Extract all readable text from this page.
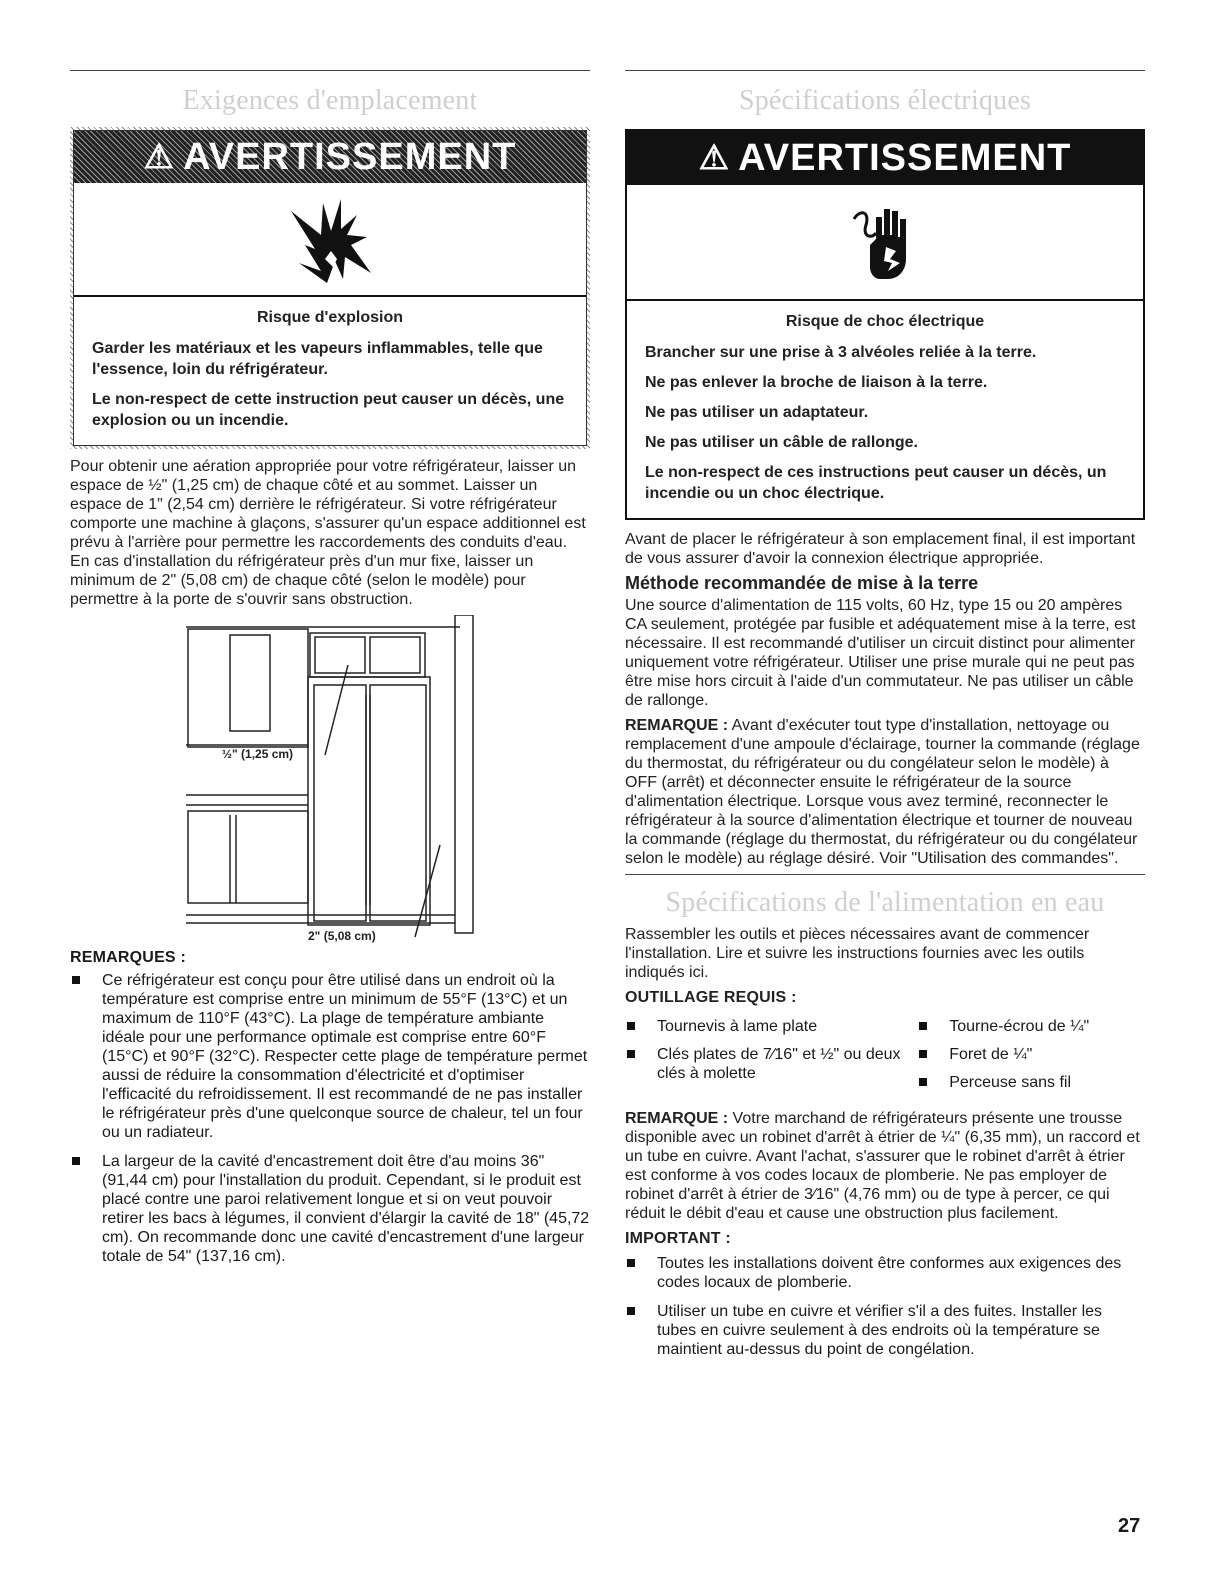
Exigences d'emplacement
⚠ AVERTISSEMENT
Risque d'explosion

Garder les matériaux et les vapeurs inflammables, telle que l'essence, loin du réfrigérateur.

Le non-respect de cette instruction peut causer un décès, une explosion ou un incendie.

Pour obtenir une aération appropriée pour votre réfrigérateur, laisser un espace de ½" (1,25 cm) de chaque côté et au sommet. Laisser un espace de 1" (2,54 cm) derrière le réfrigérateur. Si votre réfrigérateur comporte une machine à glaçons, s'assurer qu'un espace additionnel est prévu à l'arrière pour permettre les raccordements des conduits d'eau. En cas d'installation du réfrigérateur près d'un mur fixe, laisser un minimum de 2" (5,08 cm) de chaque côté (selon le modèle) pour permettre à la porte de s'ouvrir sans obstruction.

½" (1,25 cm)
2" (5,08 cm)
REMARQUES :
Ce réfrigérateur est conçu pour être utilisé dans un endroit où la température est comprise entre un minimum de 55°F (13°C) et un maximum de 110°F (43°C). La plage de température ambiante idéale pour une performance optimale est comprise entre 60°F (15°C) et 90°F (32°C). Respecter cette plage de température permet aussi de réduire la consommation d'électricité et d'optimiser l'efficacité du refroidissement. Il est recommandé de ne pas installer le réfrigérateur près d'une quelconque source de chaleur, tel un four ou un radiateur.
La largeur de la cavité d'encastrement doit être d'au moins 36" (91,44 cm) pour l'installation du produit. Cependant, si le produit est placé contre une paroi relativement longue et si on veut pouvoir retirer les bacs à légumes, il convient d'élargir la cavité de 18" (45,72 cm). On recommande donc une cavité d'encastrement d'une largeur totale de 54" (137,16 cm).
Spécifications électriques
⚠ AVERTISSEMENT
Risque de choc électrique

Brancher sur une prise à 3 alvéoles reliée à la terre.

Ne pas enlever la broche de liaison à la terre.

Ne pas utiliser un adaptateur.

Ne pas utiliser un câble de rallonge.

Le non-respect de ces instructions peut causer un décès, un incendie ou un choc électrique.

Avant de placer le réfrigérateur à son emplacement final, il est important de vous assurer d'avoir la connexion électrique appropriée.

Méthode recommandée de mise à la terre

Une source d'alimentation de 115 volts, 60 Hz, type 15 ou 20 ampères CA seulement, protégée par fusible et adéquatement mise à la terre, est nécessaire. Il est recommandé d'utiliser un circuit distinct pour alimenter uniquement votre réfrigérateur. Utiliser une prise murale qui ne peut pas être mise hors circuit à l'aide d'un commutateur. Ne pas utiliser un câble de rallonge.

REMARQUE : Avant d'exécuter tout type d'installation, nettoyage ou remplacement d'une ampoule d'éclairage, tourner la commande (réglage du thermostat, du réfrigérateur ou du congélateur selon le modèle) à OFF (arrêt) et déconnecter ensuite le réfrigérateur de la source d'alimentation électrique. Lorsque vous avez terminé, reconnecter le réfrigérateur à la source d'alimentation électrique et tourner de nouveau la commande (réglage du thermostat, du réfrigérateur ou du congélateur selon le modèle) au réglage désiré. Voir "Utilisation des commandes".

Spécifications de l'alimentation en eau

Rassembler les outils et pièces nécessaires avant de commencer l'installation. Lire et suivre les instructions fournies avec les outils indiqués ici.

OUTILLAGE REQUIS :
Tournevis à lame plate
Clés plates de 7⁄16" et ½" ou deux clés à molette
Tourne-écrou de ¼"
Foret de ¼"
Perceuse sans fil

REMARQUE : Votre marchand de réfrigérateurs présente une trousse disponible avec un robinet d'arrêt à étrier de ¼" (6,35 mm), un raccord et un tube en cuivre. Avant l'achat, s'assurer que le robinet d'arrêt à étrier est conforme à vos codes locaux de plomberie. Ne pas employer de robinet d'arrêt à étrier de 3⁄16" (4,76 mm) ou de type à percer, ce qui réduit le débit d'eau et cause une obstruction plus facilement.

IMPORTANT :
Toutes les installations doivent être conformes aux exigences des codes locaux de plomberie.
Utiliser un tube en cuivre et vérifier s'il a des fuites. Installer les tubes en cuivre seulement à des endroits où la température se maintient au-dessus du point de congélation.
27
